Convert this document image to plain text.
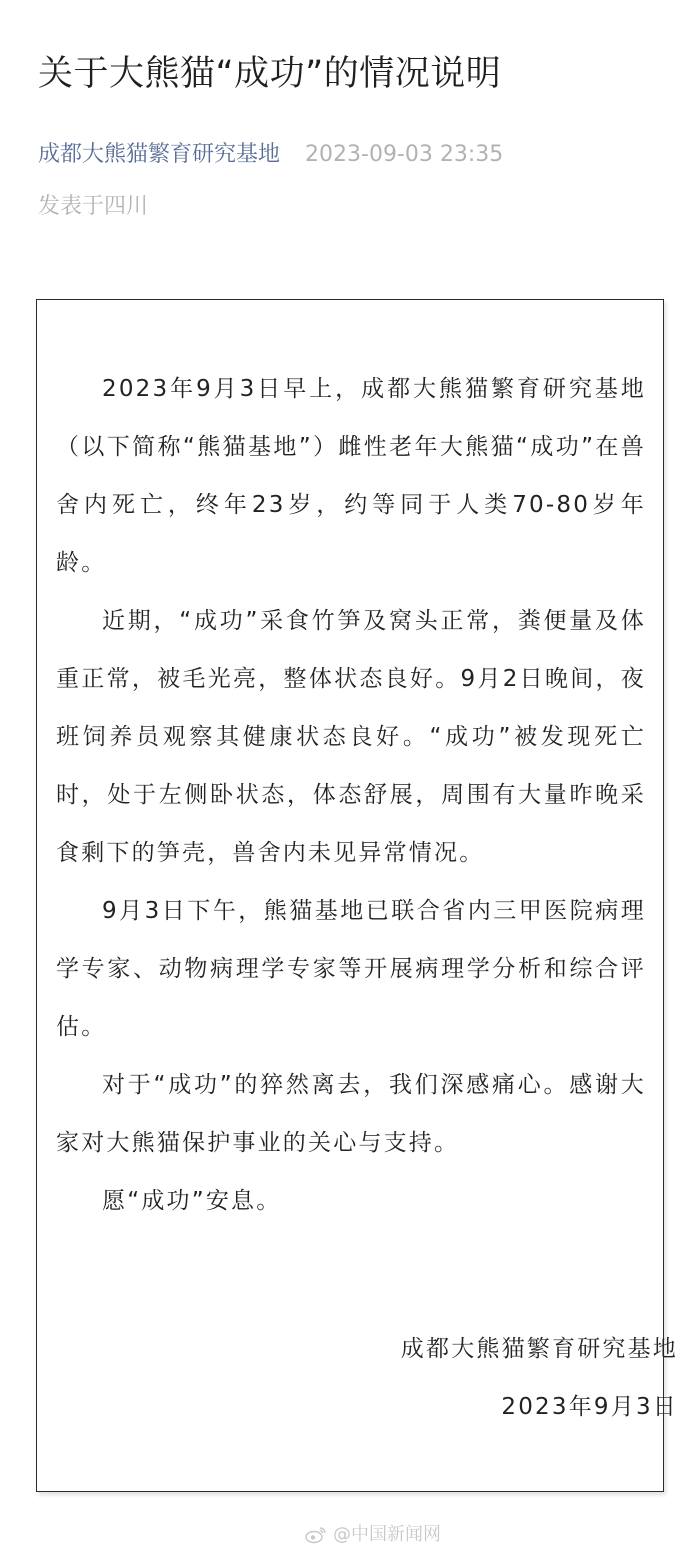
关于大熊猫“成功”的情况说明
成都大熊猫繁育研究基地 2023-09-03 23:35
发表于四川

2023年9月3日早上，成都大熊猫繁育研究基地（以下简称“熊猫基地”）雌性老年大熊猫“成功”在兽舍内死亡，终年23岁，约等同于人类70-80岁年龄。

近期，“成功”采食竹笋及窝头正常，粪便量及体重正常，被毛光亮，整体状态良好。9月2日晚间，夜班饲养员观察其健康状态良好。“成功”被发现死亡时，处于左侧卧状态，体态舒展，周围有大量昨晚采食剩下的笋壳，兽舍内未见异常情况。

9月3日下午，熊猫基地已联合省内三甲医院病理学专家、动物病理学专家等开展病理学分析和综合评估。

对于“成功”的猝然离去，我们深感痛心。感谢大家对大熊猫保护事业的关心与支持。

愿“成功”安息。

成都大熊猫繁育研究基地
2023年9月3日
@中国新闻网
